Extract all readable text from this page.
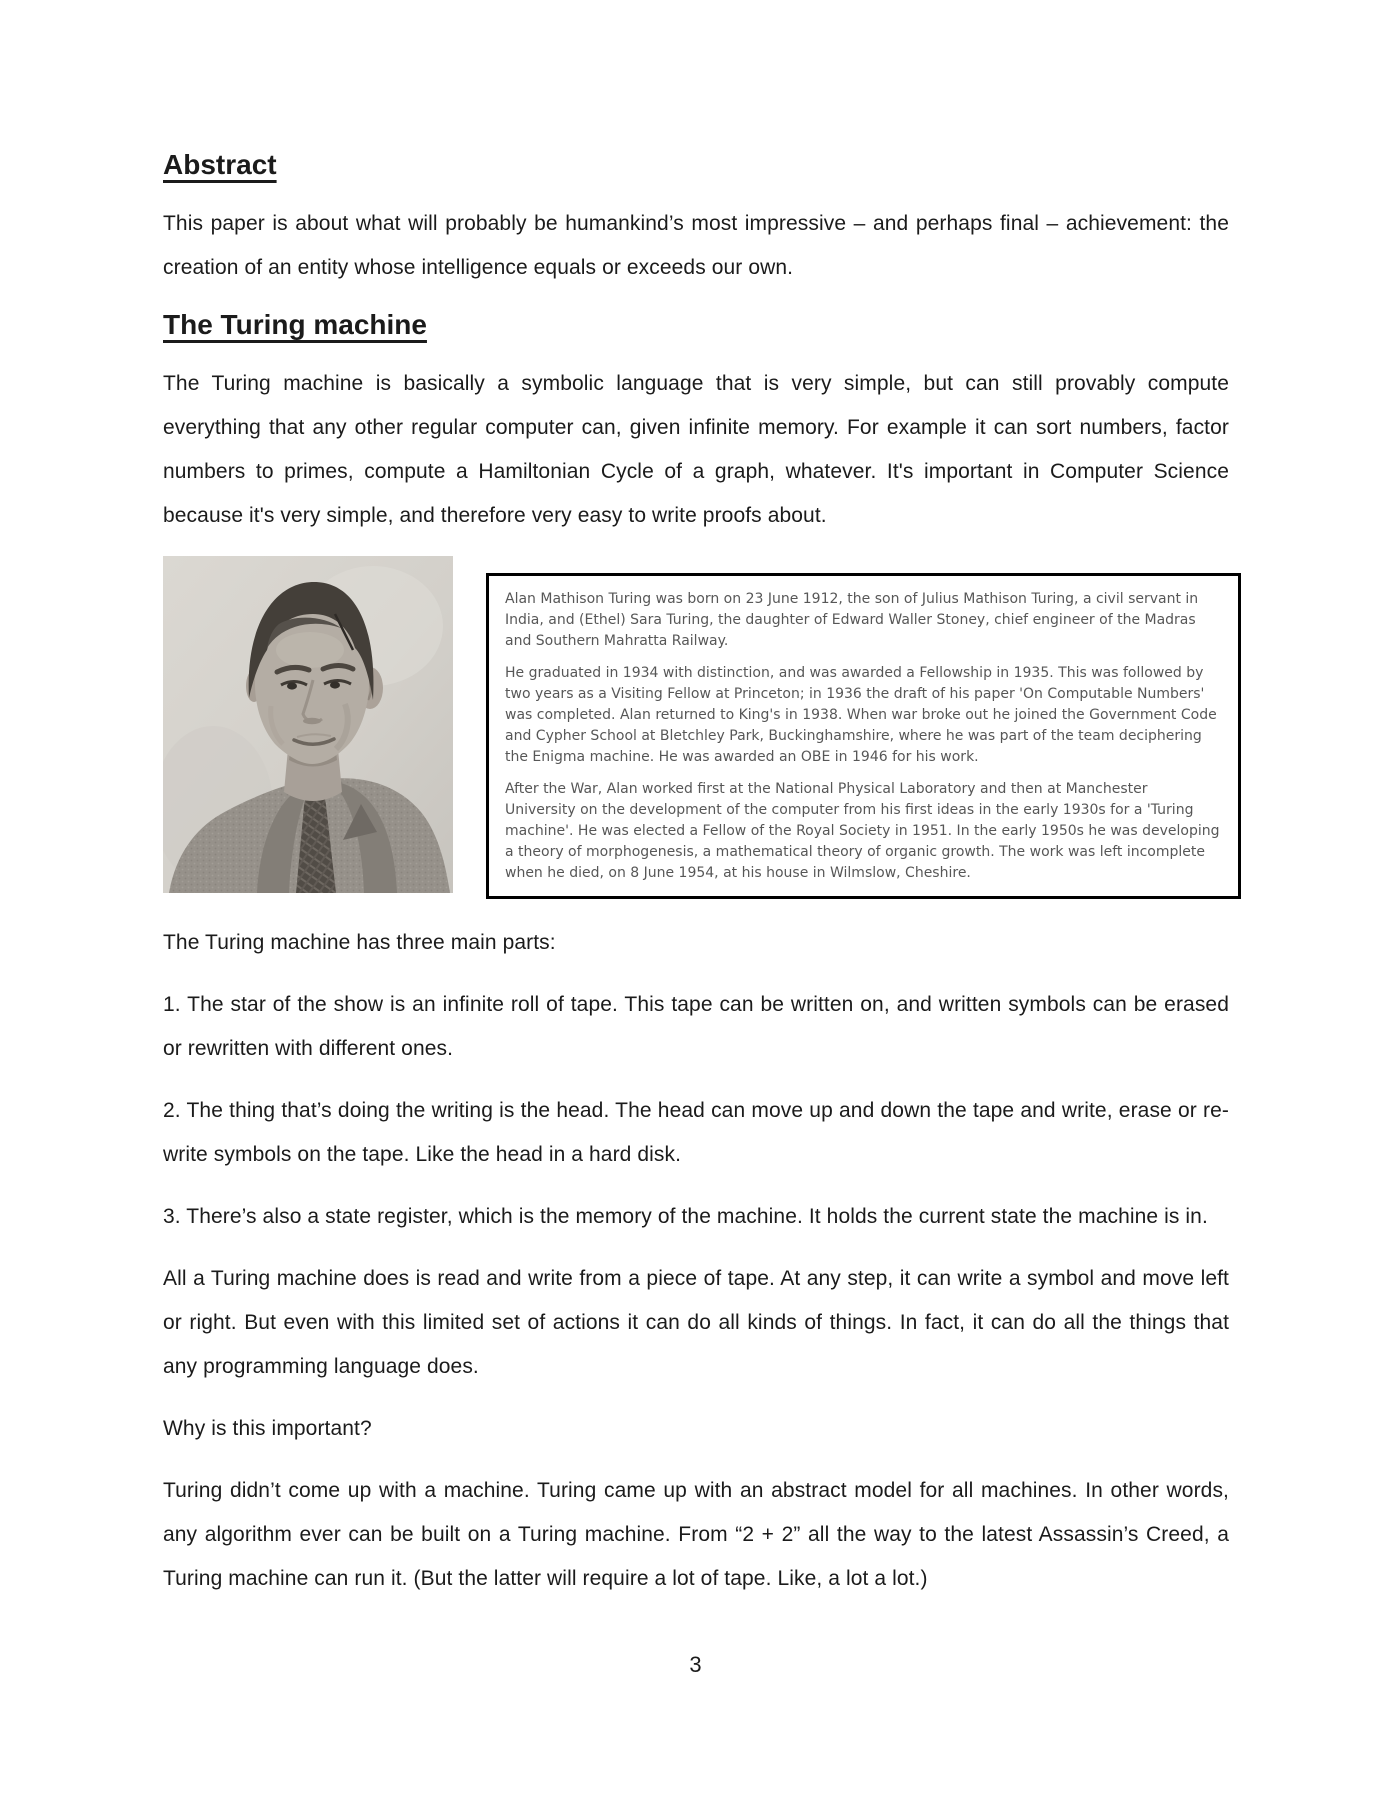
Abstract

This paper is about what will probably be humankind’s most impressive – and perhaps final – achievement: the creation of an entity whose intelligence equals or exceeds our own.

The Turing machine

The Turing machine is basically a symbolic language that is very simple, but can still provably compute everything that any other regular computer can, given infinite memory. For example it can sort numbers, factor numbers to primes, compute a Hamiltonian Cycle of a graph, whatever. It's important in Computer Science because it's very simple, and therefore very easy to write proofs about.

Alan Mathison Turing was born on 23 June 1912, the son of Julius Mathison Turing, a civil servant in India, and (Ethel) Sara Turing, the daughter of Edward Waller Stoney, chief engineer of the Madras and Southern Mahratta Railway.

He graduated in 1934 with distinction, and was awarded a Fellowship in 1935. This was followed by two years as a Visiting Fellow at Princeton; in 1936 the draft of his paper 'On Computable Numbers' was completed. Alan returned to King's in 1938. When war broke out he joined the Government Code and Cypher School at Bletchley Park, Buckinghamshire, where he was part of the team deciphering the Enigma machine. He was awarded an OBE in 1946 for his work.

After the War, Alan worked first at the National Physical Laboratory and then at Manchester University on the development of the computer from his first ideas in the early 1930s for a 'Turing machine'. He was elected a Fellow of the Royal Society in 1951. In the early 1950s he was developing a theory of morphogenesis, a mathematical theory of organic growth. The work was left incomplete when he died, on 8 June 1954, at his house in Wilmslow, Cheshire.

The Turing machine has three main parts:

1. The star of the show is an infinite roll of tape. This tape can be written on, and written symbols can be erased or rewritten with different ones.

2. The thing that’s doing the writing is the head. The head can move up and down the tape and write, erase or re-write symbols on the tape. Like the head in a hard disk.

3. There’s also a state register, which is the memory of the machine. It holds the current state the machine is in.

All a Turing machine does is read and write from a piece of tape. At any step, it can write a symbol and move left or right. But even with this limited set of actions it can do all kinds of things. In fact, it can do all the things that any programming language does.

Why is this important?

Turing didn’t come up with a machine. Turing came up with an abstract model for all machines. In other words, any algorithm ever can be built on a Turing machine. From “2 + 2” all the way to the latest Assassin’s Creed, a Turing machine can run it. (But the latter will require a lot of tape. Like, a lot a lot.)

3
